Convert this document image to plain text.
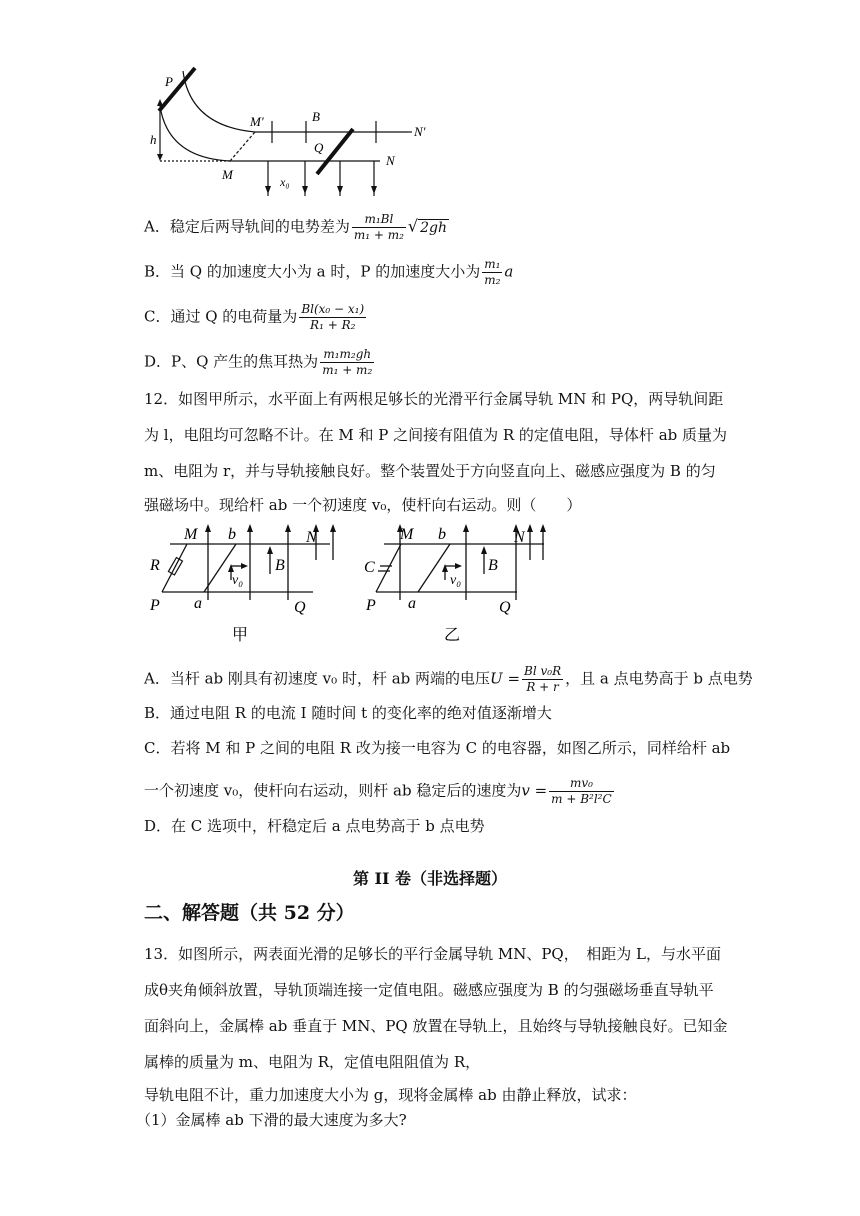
P
h
M
M′	B
Q
N′
N
x₀
A．稳定后两导轨间的电势差为 $\frac{\text{m₁Bl}}{\text{m₁ + m₂}}$ √ 2gh
B．当 Q 的加速度大小为 a 时，P 的加速度大小为 $\frac{\text{m₁}}{\text{m₂}}$ a
C．通过 Q 的电荷量为 $\frac{\text{Bl(x₀ − x₁)}}{\text{R₁ + R₂}}$
D．P、Q 产生的焦耳热为 $\frac{\text{m₁m₂gh}}{\text{m₁ + m₂}}$
12．如图甲所示，水平面上有两根足够长的光滑平行金属导轨 MN 和 PQ，两导轨间距
为 l，电阻均可忽略不计。在 M 和 P 之间接有阻值为 R 的定值电阻，导体杆 ab 质量为
m、电阻为 r，并与导轨接触良好。整个装置处于方向竖直向上、磁感应强度为 B 的匀
强磁场中。现给杆 ab 一个初速度 v₀，使杆向右运动。则（　　）
M b	N
R
v₀
B
P a	Q
甲
M b	N
C
v₀
B
P a	Q
乙
A．当杆 ab 刚具有初速度 v₀ 时，杆 ab 两端的电压$U = \frac{\text{Bl v₀R}}{R + r}$ ，且 a 点电势高于 b 点电势
B．通过电阻 R 的电流 I 随时间 t 的变化率的绝对值逐渐增大
C．若将 M 和 P 之间的电阻 R 改为接一电容为 C 的电容器，如图乙所示，同样给杆 ab
一个初速度 v₀，使杆向右运动，则杆 ab 稳定后的速度为$v = \frac{\text{mv₀}}{\text{m + B²l²C}}$
D．在 C 选项中，杆稳定后 a 点电势高于 b 点电势
第 II 卷（非选择题）
二、解答题（共 52 分）
13．如图所示，两表面光滑的足够长的平行金属导轨 MN、PQ，　相距为 L，与水平面
成θ夹角倾斜放置，导轨顶端连接一定值电阻。磁感应强度为 B 的匀强磁场垂直导轨平
面斜向上，金属棒 ab 垂直于 MN、PQ 放置在导轨上，且始终与导轨接触良好。已知金
属棒的质量为 m、电阻为 R，定值电阻阻值为 R，
导轨电阻不计，重力加速度大小为 g，现将金属棒 ab 由静止释放，试求：
（1）金属棒 ab 下滑的最大速度为多大?
